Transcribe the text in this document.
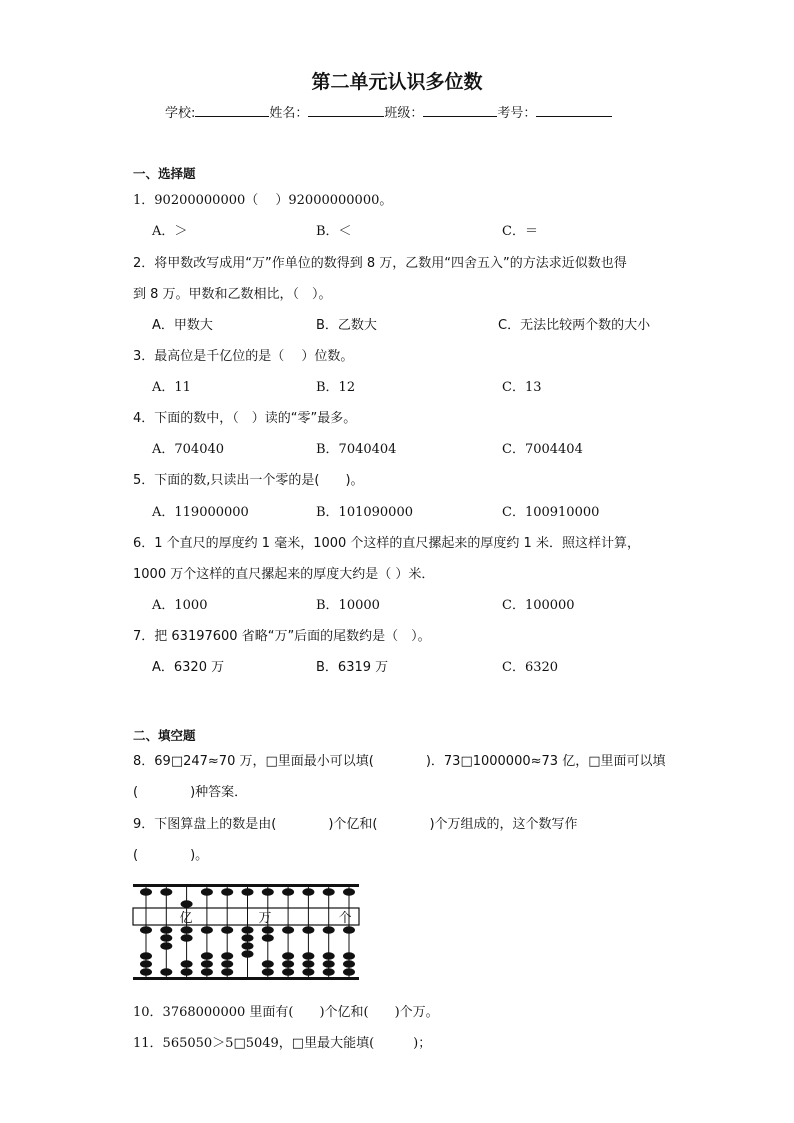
第二单元认识多位数
学校:	姓名：	班级：	考号：
一、选择题
1．90200000000（　 ）92000000000。
A．＞	B．＜	C．＝
2．将甲数改写成用“万”作单位的数得到 8 万，乙数用“四舍五入”的方法求近似数也得
到 8 万。甲数和乙数相比，（　）。
A．甲数大	B．乙数大	C．无法比较两个数的大小
3．最高位是千亿位的是（　 ）位数。
A．11	B．12	C．13
4．下面的数中，（　）读的“零”最多。
A．704040	B．7040404	C．7004404
5．下面的数,只读出一个零的是(　　)。
A．119000000	B．101090000	C．100910000
6．1 个直尺的厚度约 1 毫米，1000 个这样的直尺摞起来的厚度约 1 米．照这样计算，
1000 万个这样的直尺摞起来的厚度大约是（ ）米．
A．1000	B．10000	C．100000
7．把 63197600 省略“万”后面的尾数约是（　）。
A．6320 万	B．6319 万	C．6320
二、填空题
8．69□247≈70 万，□里面最小可以填(　　　　)．73□1000000≈73 亿，□里面可以填
(　　　　)种答案．
9．下图算盘上的数是由(　　　　)个亿和(　　　　)个万组成的，这个数写作
(　　　　)。
亿	万	个
10．3768000000 里面有(　　)个亿和(　　)个万。
11．565050＞5□5049，□里最大能填(　　　)；
